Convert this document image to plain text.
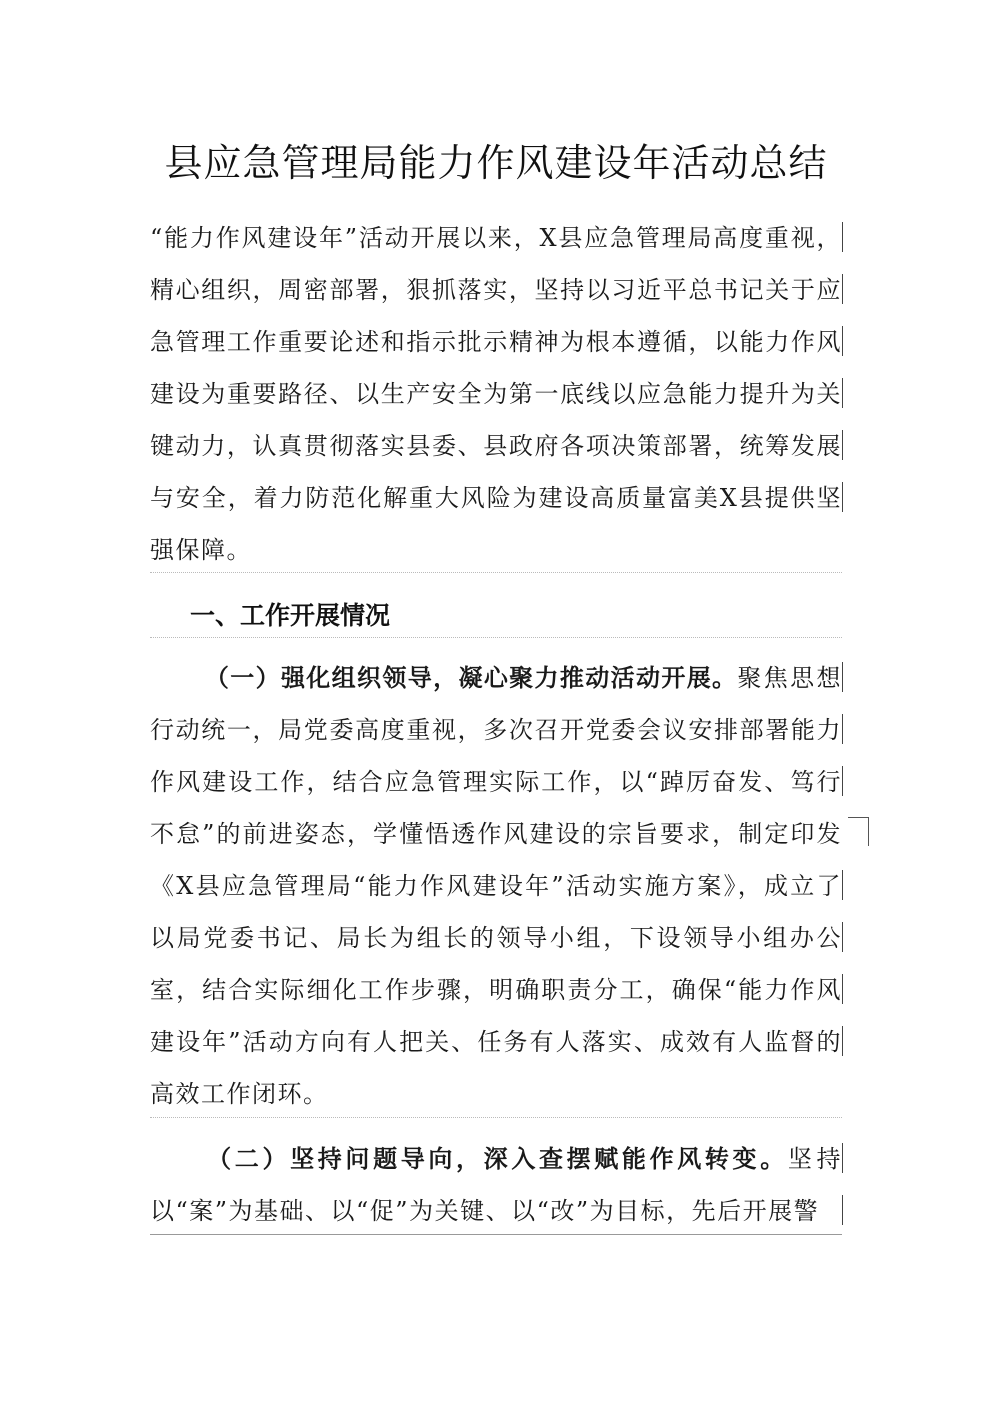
县应急管理局能力作风建设年活动总结
“能力作风建设年”活动开展以来，X县应急管理局高度重视，精心组织，周密部署，狠抓落实，坚持以习近平总书记关于应急管理工作重要论述和指示批示精神为根本遵循，以能力作风建设为重要路径、以生产安全为第一底线以应急能力提升为关键动力，认真贯彻落实县委、县政府各项决策部署，统筹发展与安全，着力防范化解重大风险为建设高质量富美X县提供坚强保障。
一、工作开展情况
（一）强化组织领导，凝心聚力推动活动开展。聚焦思想行动统一，局党委高度重视，多次召开党委会议安排部署能力作风建设工作，结合应急管理实际工作，以“踔厉奋发、笃行不怠”的前进姿态，学懂悟透作风建设的宗旨要求，制定印发《X县应急管理局“能力作风建设年”活动实施方案》，成立了以局党委书记、局长为组长的领导小组，下设领导小组办公室，结合实际细化工作步骤，明确职责分工，确保“能力作风建设年”活动方向有人把关、任务有人落实、成效有人监督的高效工作闭环。
（二）坚持问题导向，深入查摆赋能作风转变。坚持以“案”为基础、以“促”为关键、以“改”为目标，先后开展警
